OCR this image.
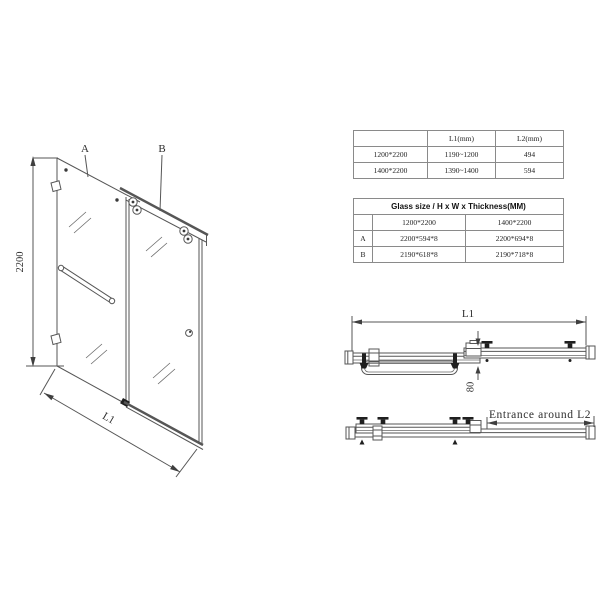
2200
A	B
L1
L1
80
Entrance around L2
	L1(mm)	L2(mm)
1200*2200	1190~1200	494
1400*2200	1390~1400	594
Glass size / H x W x Thickness(MM)		
	1200*2200	1400*2200
A	2200*594*8	2200*694*8
B	2190*618*8	2190*718*8
